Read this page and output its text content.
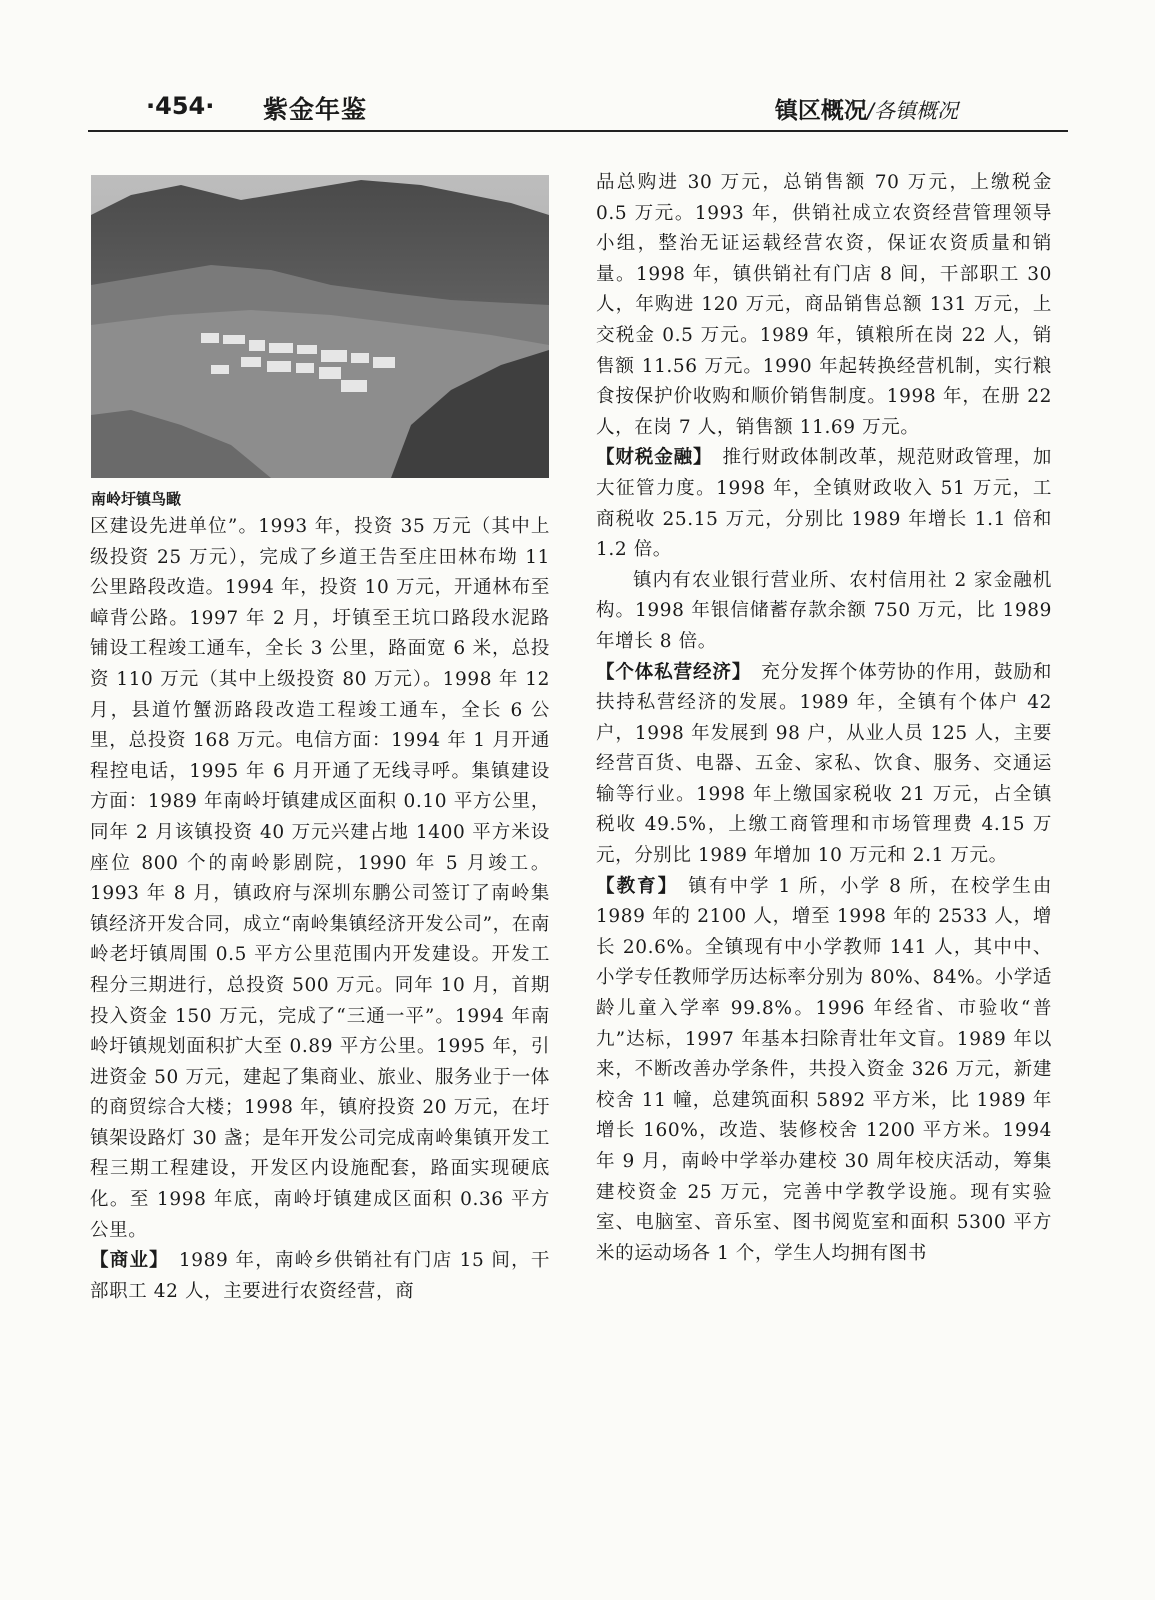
·454· 紫金年鉴	镇区概况/各镇概况
南岭圩镇鸟瞰

区建设先进单位”。1993 年，投资 35 万元（其中上级投资 25 万元），完成了乡道王告至庄田林布坳 11 公里路段改造。1994 年，投资 10 万元，开通林布至嶂背公路。1997 年 2 月，圩镇至王坑口路段水泥路铺设工程竣工通车，全长 3 公里，路面宽 6 米，总投资 110 万元（其中上级投资 80 万元）。1998 年 12 月，县道竹蟹沥路段改造工程竣工通车，全长 6 公里，总投资 168 万元。电信方面：1994 年 1 月开通程控电话，1995 年 6 月开通了无线寻呼。集镇建设方面：1989 年南岭圩镇建成区面积 0.10 平方公里，同年 2 月该镇投资 40 万元兴建占地 1400 平方米设座位 800 个的南岭影剧院，1990 年 5 月竣工。1993 年 8 月，镇政府与深圳东鹏公司签订了南岭集镇经济开发合同，成立“南岭集镇经济开发公司”，在南岭老圩镇周围 0.5 平方公里范围内开发建设。开发工程分三期进行，总投资 500 万元。同年 10 月，首期投入资金 150 万元，完成了“三通一平”。1994 年南岭圩镇规划面积扩大至 0.89 平方公里。1995 年，引进资金 50 万元，建起了集商业、旅业、服务业于一体的商贸综合大楼；1998 年，镇府投资 20 万元，在圩镇架设路灯 30 盏；是年开发公司完成南岭集镇开发工程三期工程建设，开发区内设施配套，路面实现硬底化。至 1998 年底，南岭圩镇建成区面积 0.36 平方公里。

【商业】 1989 年，南岭乡供销社有门店 15 间，干部职工 42 人，主要进行农资经营，商

品总购进 30 万元，总销售额 70 万元，上缴税金 0.5 万元。1993 年，供销社成立农资经营管理领导小组，整治无证运载经营农资，保证农资质量和销量。1998 年，镇供销社有门店 8 间，干部职工 30 人，年购进 120 万元，商品销售总额 131 万元，上交税金 0.5 万元。1989 年，镇粮所在岗 22 人，销售额 11.56 万元。1990 年起转换经营机制，实行粮食按保护价收购和顺价销售制度。1998 年，在册 22 人，在岗 7 人，销售额 11.69 万元。

【财税金融】 推行财政体制改革，规范财政管理，加大征管力度。1998 年，全镇财政收入 51 万元，工商税收 25.15 万元，分别比 1989 年增长 1.1 倍和 1.2 倍。

镇内有农业银行营业所、农村信用社 2 家金融机构。1998 年银信储蓄存款余额 750 万元，比 1989 年增长 8 倍。

【个体私营经济】 充分发挥个体劳协的作用，鼓励和扶持私营经济的发展。1989 年，全镇有个体户 42 户，1998 年发展到 98 户，从业人员 125 人，主要经营百货、电器、五金、家私、饮食、服务、交通运输等行业。1998 年上缴国家税收 21 万元，占全镇税收 49.5%，上缴工商管理和市场管理费 4.15 万元，分别比 1989 年增加 10 万元和 2.1 万元。

【教育】 镇有中学 1 所，小学 8 所，在校学生由 1989 年的 2100 人，增至 1998 年的 2533 人，增长 20.6%。全镇现有中小学教师 141 人，其中中、小学专任教师学历达标率分别为 80%、84%。小学适龄儿童入学率 99.8%。1996 年经省、市验收“普九”达标，1997 年基本扫除青壮年文盲。1989 年以来，不断改善办学条件，共投入资金 326 万元，新建校舍 11 幢，总建筑面积 5892 平方米，比 1989 年增长 160%，改造、装修校舍 1200 平方米。1994 年 9 月，南岭中学举办建校 30 周年校庆活动，筹集建校资金 25 万元，完善中学教学设施。现有实验室、电脑室、音乐室、图书阅览室和面积 5300 平方米的运动场各 1 个，学生人均拥有图书
